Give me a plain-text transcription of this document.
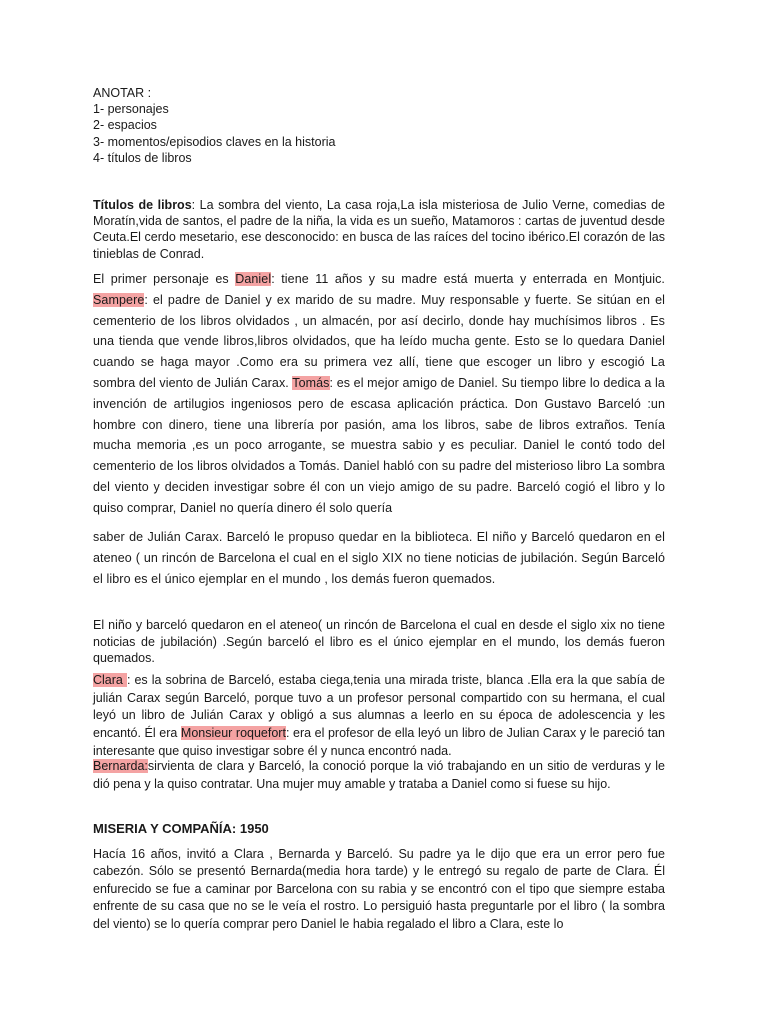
ANOTAR :

1- personajes

2- espacios

3- momentos/episodios claves en la historia

4- títulos de libros

Títulos de libros: La sombra del viento, La casa roja,La isla misteriosa de Julio Verne, comedias de Moratín,vida de santos, el padre de la niña, la vida es un sueño, Matamoros : cartas de juventud desde Ceuta.El cerdo mesetario, ese desconocido: en busca de las raíces del tocino ibérico.El corazón de las tinieblas de Conrad.

El primer personaje es Daniel: tiene 11 años y su madre está muerta y enterrada en Montjuic. Sampere: el padre de Daniel y ex marido de su madre. Muy responsable y fuerte. Se sitúan en el cementerio de los libros olvidados , un almacén, por así decirlo, donde hay muchísimos libros . Es una tienda que vende libros,libros olvidados, que ha leído mucha gente. Esto se lo quedara Daniel cuando se haga mayor .Como era su primera vez allí, tiene que escoger un libro y escogió La sombra del viento de Julián Carax. Tomás: es el mejor amigo de Daniel. Su tiempo libre lo dedica a la invención de artilugios ingeniosos pero de escasa aplicación práctica. Don Gustavo Barceló :un hombre con dinero, tiene una librería por pasión, ama los libros, sabe de libros extraños. Tenía mucha memoria ,es un poco arrogante, se muestra sabio y es peculiar. Daniel le contó todo del cementerio de los libros olvidados a Tomás. Daniel habló con su padre del misterioso libro La sombra del viento y deciden investigar sobre él con un viejo amigo de su padre. Barceló cogió el libro y lo quiso comprar, Daniel no quería dinero él solo quería

saber de Julián Carax. Barceló le propuso quedar en la biblioteca. El niño y Barceló quedaron en el ateneo ( un rincón de Barcelona el cual en el siglo XIX no tiene noticias de jubilación. Según Barceló el libro es el único ejemplar en el mundo , los demás fueron quemados.

El niño y barceló quedaron en el ateneo( un rincón de Barcelona el cual en desde el siglo xix no tiene noticias de jubilación) .Según barceló el libro es el único ejemplar en el mundo, los demás fueron quemados.

Clara : es la sobrina de Barceló, estaba ciega,tenia una mirada triste, blanca .Ella era la que sabía de julián Carax según Barceló, porque tuvo a un profesor personal compartido con su hermana, el cual leyó un libro de Julián Carax y obligó a sus alumnas a leerlo en su época de adolescencia y les encantó. Él era Monsieur roquefort: era el profesor de ella leyó un libro de Julian Carax y le pareció tan interesante que quiso investigar sobre él y nunca encontró nada.

Bernarda:sirvienta de clara y Barceló, la conoció porque la vió trabajando en un sitio de verduras y le dió pena y la quiso contratar. Una mujer muy amable y trataba a Daniel como si fuese su hijo.

MISERIA Y COMPAÑÍA: 1950

Hacía 16 años, invitó a Clara , Bernarda y Barceló. Su padre ya le dijo que era un error pero fue cabezón. Sólo se presentó Bernarda(media hora tarde) y le entregó su regalo de parte de Clara. Él enfurecido se fue a caminar por Barcelona con su rabia y se encontró con el tipo que siempre estaba enfrente de su casa que no se le veía el rostro. Lo persiguió hasta preguntarle por el libro ( la sombra del viento) se lo quería comprar pero Daniel le habia regalado el libro a Clara, este lo
